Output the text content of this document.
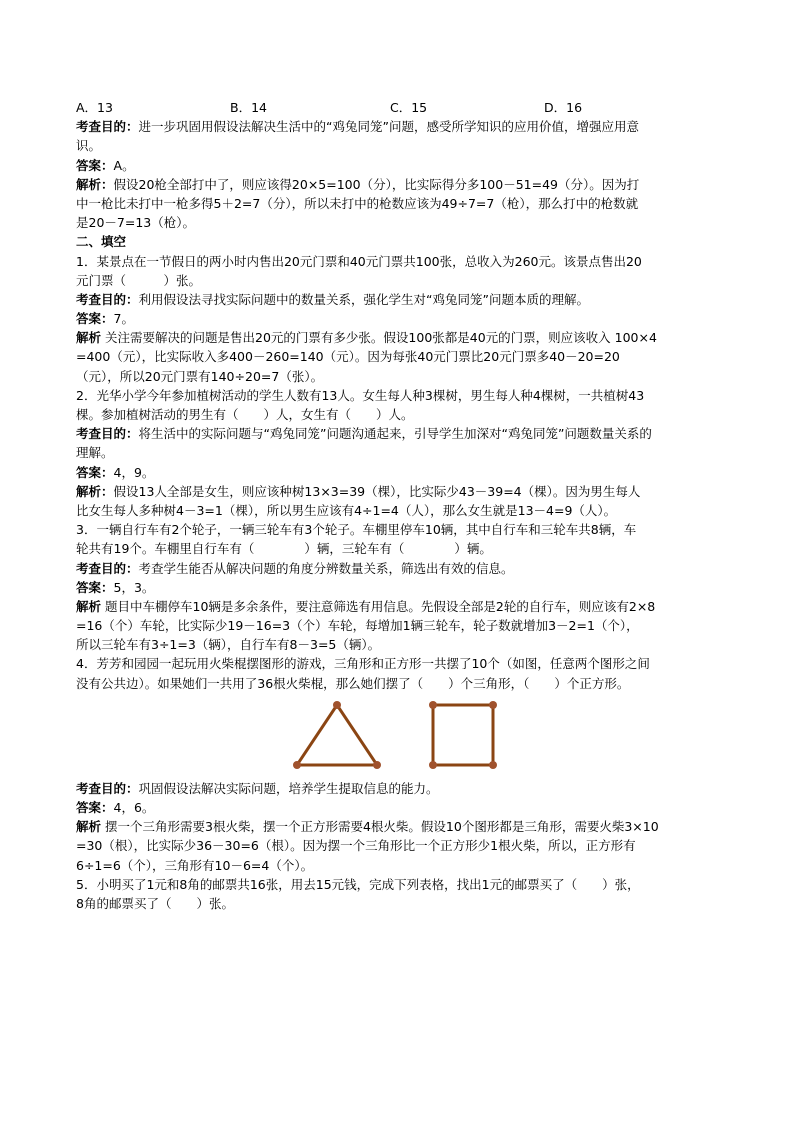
A．13	B．14	C．15	D．16
考查目的：进一步巩固用假设法解决生活中的“鸡兔同笼”问题，感受所学知识的应用价值，增强应用意
识。
答案：A。
解析：假设20枪全部打中了，则应该得20×5=100（分），比实际得分多100－51=49（分）。因为打
中一枪比未打中一枪多得5＋2=7（分），所以未打中的枪数应该为49÷7=7（枪），那么打中的枪数就
是20－7=13（枪）。
二、填空
1．某景点在一节假日的两小时内售出20元门票和40元门票共100张，总收入为260元。该景点售出20
元门票（　　　）张。
考查目的：利用假设法寻找实际问题中的数量关系，强化学生对“鸡兔同笼”问题本质的理解。
答案：7。
解析 关注需要解决的问题是售出20元的门票有多少张。假设100张都是40元的门票，则应该收入 100×4
=400（元），比实际收入多400－260=140（元）。因为每张40元门票比20元门票多40－20=20
（元），所以20元门票有140÷20=7（张）。
2．光华小学今年参加植树活动的学生人数有13人。女生每人种3棵树，男生每人种4棵树，一共植树43
棵。参加植树活动的男生有（　　）人，女生有（　　）人。
考查目的：将生活中的实际问题与“鸡兔同笼”问题沟通起来，引导学生加深对“鸡兔同笼”问题数量关系的
理解。
答案：4，9。
解析：假设13人全部是女生，则应该种树13×3=39（棵），比实际少43－39=4（棵）。因为男生每人
比女生每人多种树4－3=1（棵），所以男生应该有4÷1=4（人），那么女生就是13－4=9（人）。
3．一辆自行车有2个轮子，一辆三轮车有3个轮子。车棚里停车10辆，其中自行车和三轮车共8辆，车
轮共有19个。车棚里自行车有（　　　　）辆，三轮车有（　　　　）辆。
考查目的：考查学生能否从解决问题的角度分辨数量关系，筛选出有效的信息。
答案：5，3。
解析 题目中车棚停车10辆是多余条件，要注意筛选有用信息。先假设全部是2轮的自行车，则应该有2×8
=16（个）车轮，比实际少19－16=3（个）车轮，每增加1辆三轮车，轮子数就增加3－2=1（个），
所以三轮车有3÷1=3（辆），自行车有8－3=5（辆）。
4．芳芳和园园一起玩用火柴棍摆图形的游戏，三角形和正方形一共摆了10个（如图，任意两个图形之间
没有公共边）。如果她们一共用了36根火柴棍，那么她们摆了（　　）个三角形，（　　）个正方形。
考查目的：巩固假设法解决实际问题，培养学生提取信息的能力。
答案：4，6。
解析 摆一个三角形需要3根火柴，摆一个正方形需要4根火柴。假设10个图形都是三角形，需要火柴3×10
=30（根），比实际少36－30=6（根）。因为摆一个三角形比一个正方形少1根火柴，所以，正方形有
6÷1=6（个），三角形有10－6=4（个）。
5．小明买了1元和8角的邮票共16张，用去15元钱，完成下列表格，找出1元的邮票买了（　　）张，
8角的邮票买了（　　）张。
